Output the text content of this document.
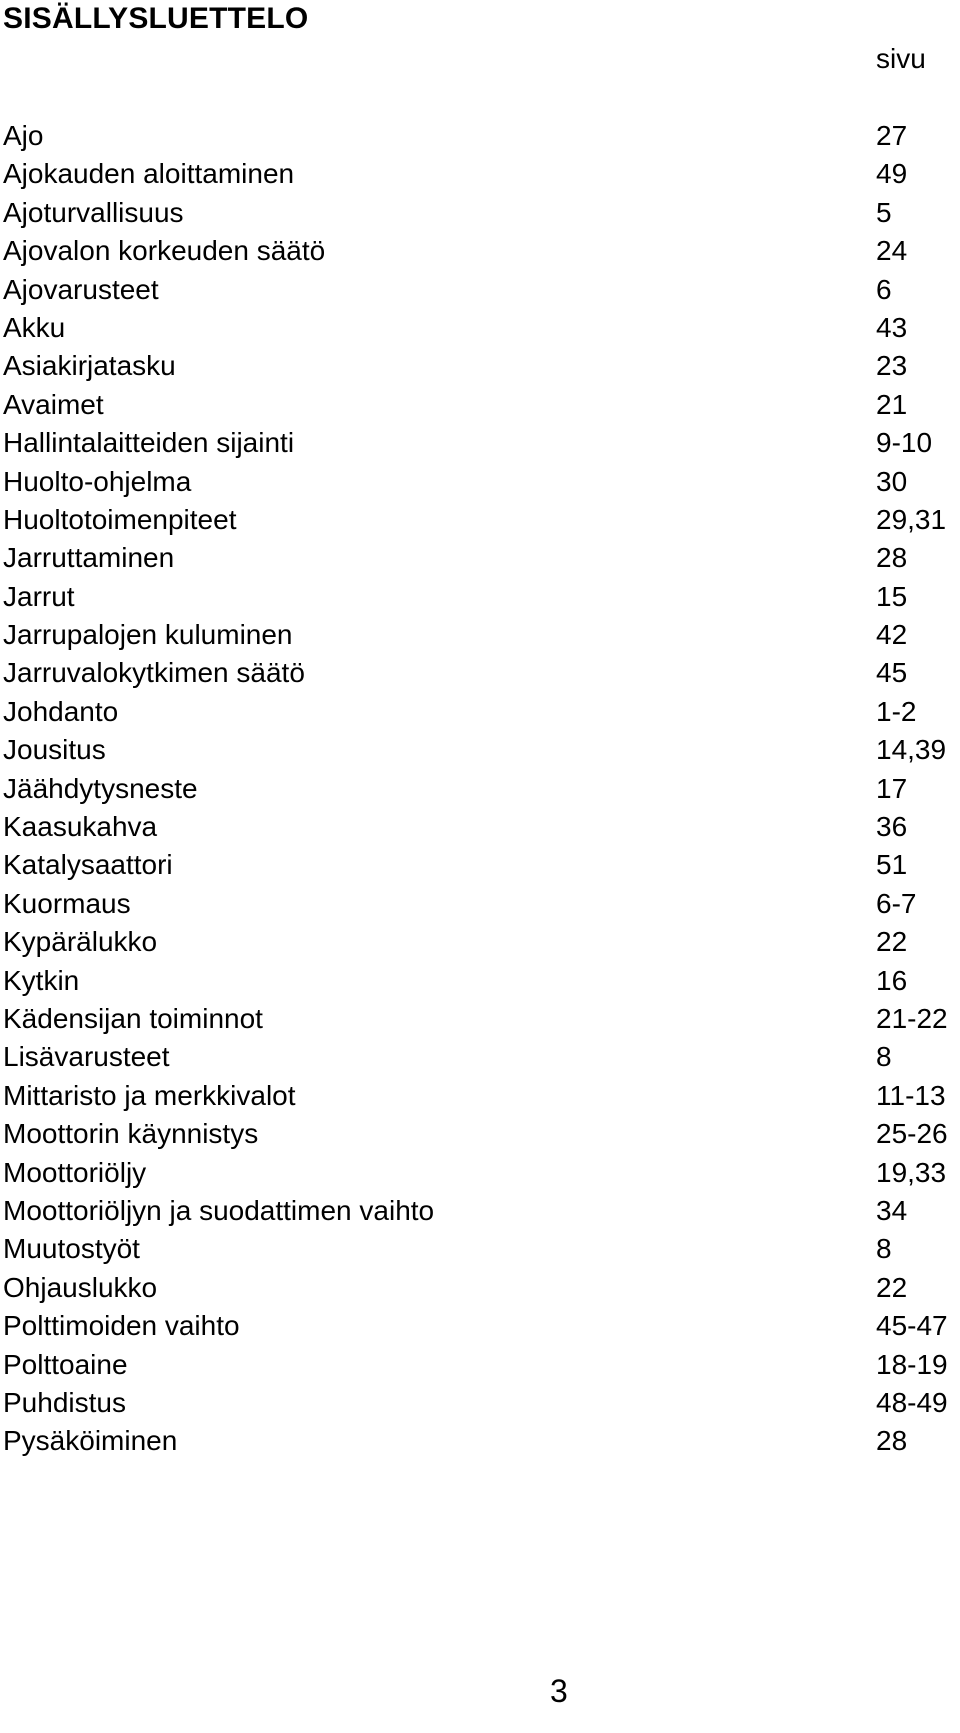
SISÄLLYSLUETTELO
sivu
Ajo	27
Ajokauden aloittaminen	49
Ajoturvallisuus	5
Ajovalon korkeuden säätö	24
Ajovarusteet	6
Akku	43
Asiakirjatasku	23
Avaimet	21
Hallintalaitteiden sijainti	9-10
Huolto-ohjelma	30
Huoltotoimenpiteet	29,31
Jarruttaminen	28
Jarrut	15
Jarrupalojen kuluminen	42
Jarruvalokytkimen säätö	45
Johdanto	1-2
Jousitus	14,39
Jäähdytysneste	17
Kaasukahva	36
Katalysaattori	51
Kuormaus	6-7
Kypärälukko	22
Kytkin	16
Kädensijan toiminnot	21-22
Lisävarusteet	8
Mittaristo ja merkkivalot	11-13
Moottorin käynnistys	25-26
Moottoriöljy	19,33
Moottoriöljyn ja suodattimen vaihto	34
Muutostyöt	8
Ohjauslukko	22
Polttimoiden vaihto	45-47
Polttoaine	18-19
Puhdistus	48-49
Pysäköiminen	28
3
